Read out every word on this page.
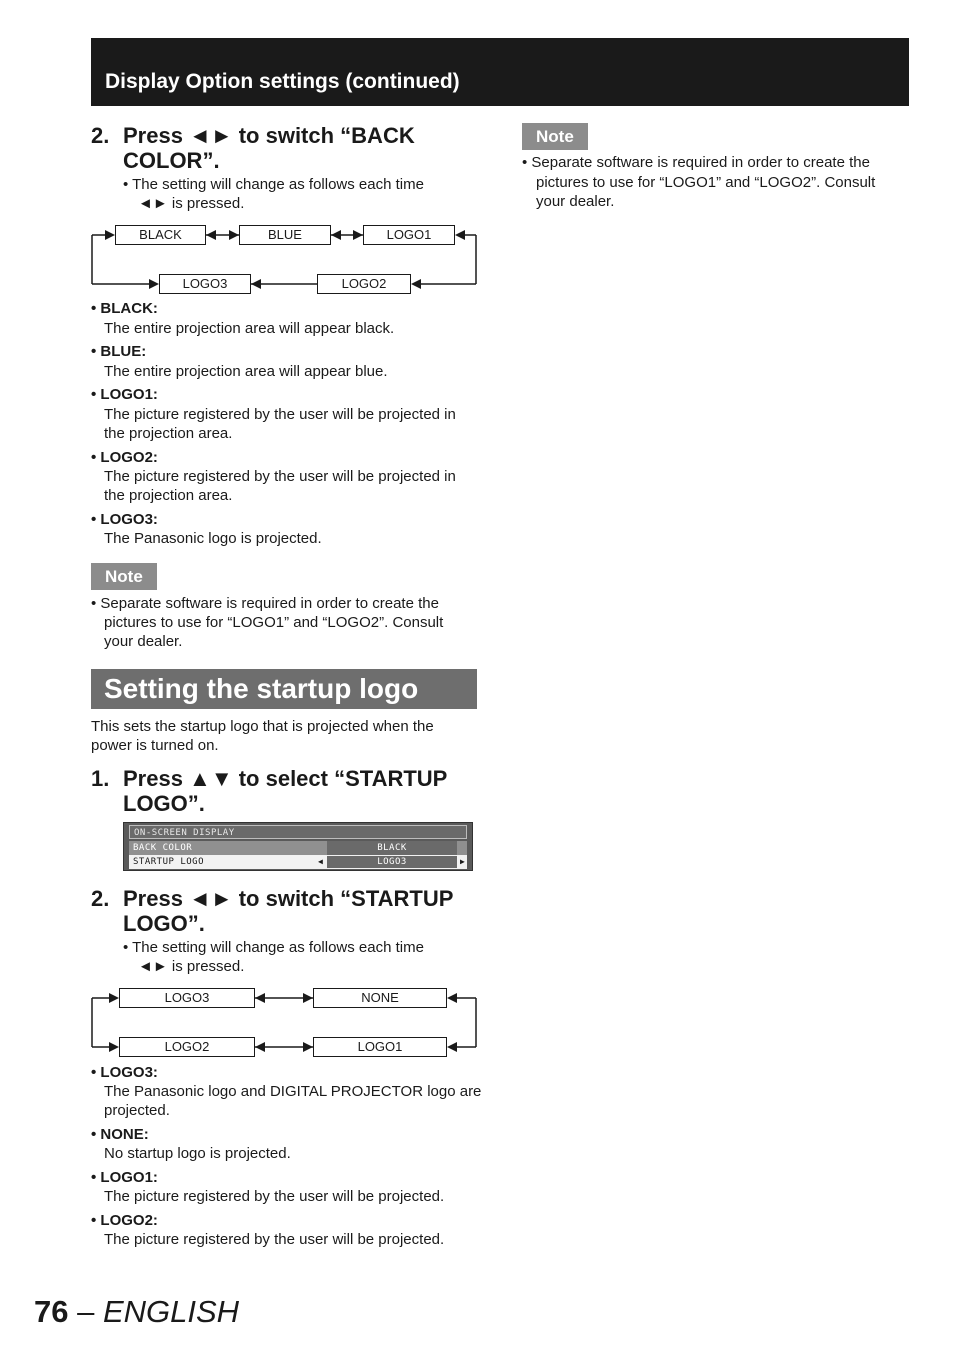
Display Option settings (continued)
2. Press ◄► to switch “BACK COLOR”.
• The setting will change as follows each time
◄► is pressed.
BLACK	BLUE	LOGO1
LOGO3	LOGO2
• BLACK:
The entire projection area will appear black.
• BLUE:
The entire projection area will appear blue.
• LOGO1:
The picture registered by the user will be projected in the projection area.
• LOGO2:
The picture registered by the user will be projected in the projection area.
• LOGO3:
The Panasonic logo is projected.
Note
• Separate software is required in order to create the
pictures to use for “LOGO1” and “LOGO2”. Consult
your dealer.
Setting the startup logo
This sets the startup logo that is projected when the
power is turned on.
1. Press ▲▼ to select “STARTUP LOGO”.
ON-SCREEN DISPLAY
BACK COLOR	BLACK
STARTUP LOGO	◀	LOGO3	▶
2. Press ◄► to switch “STARTUP LOGO”.
• The setting will change as follows each time
◄► is pressed.
LOGO3	NONE
LOGO2	LOGO1
• LOGO3:
The Panasonic logo and DIGITAL PROJECTOR logo are projected.
• NONE:
No startup logo is projected.
• LOGO1:
The picture registered by the user will be projected.
• LOGO2:
The picture registered by the user will be projected.
Note
• Separate software is required in order to create the
pictures to use for “LOGO1” and “LOGO2”. Consult
your dealer.
76 – ENGLISH
